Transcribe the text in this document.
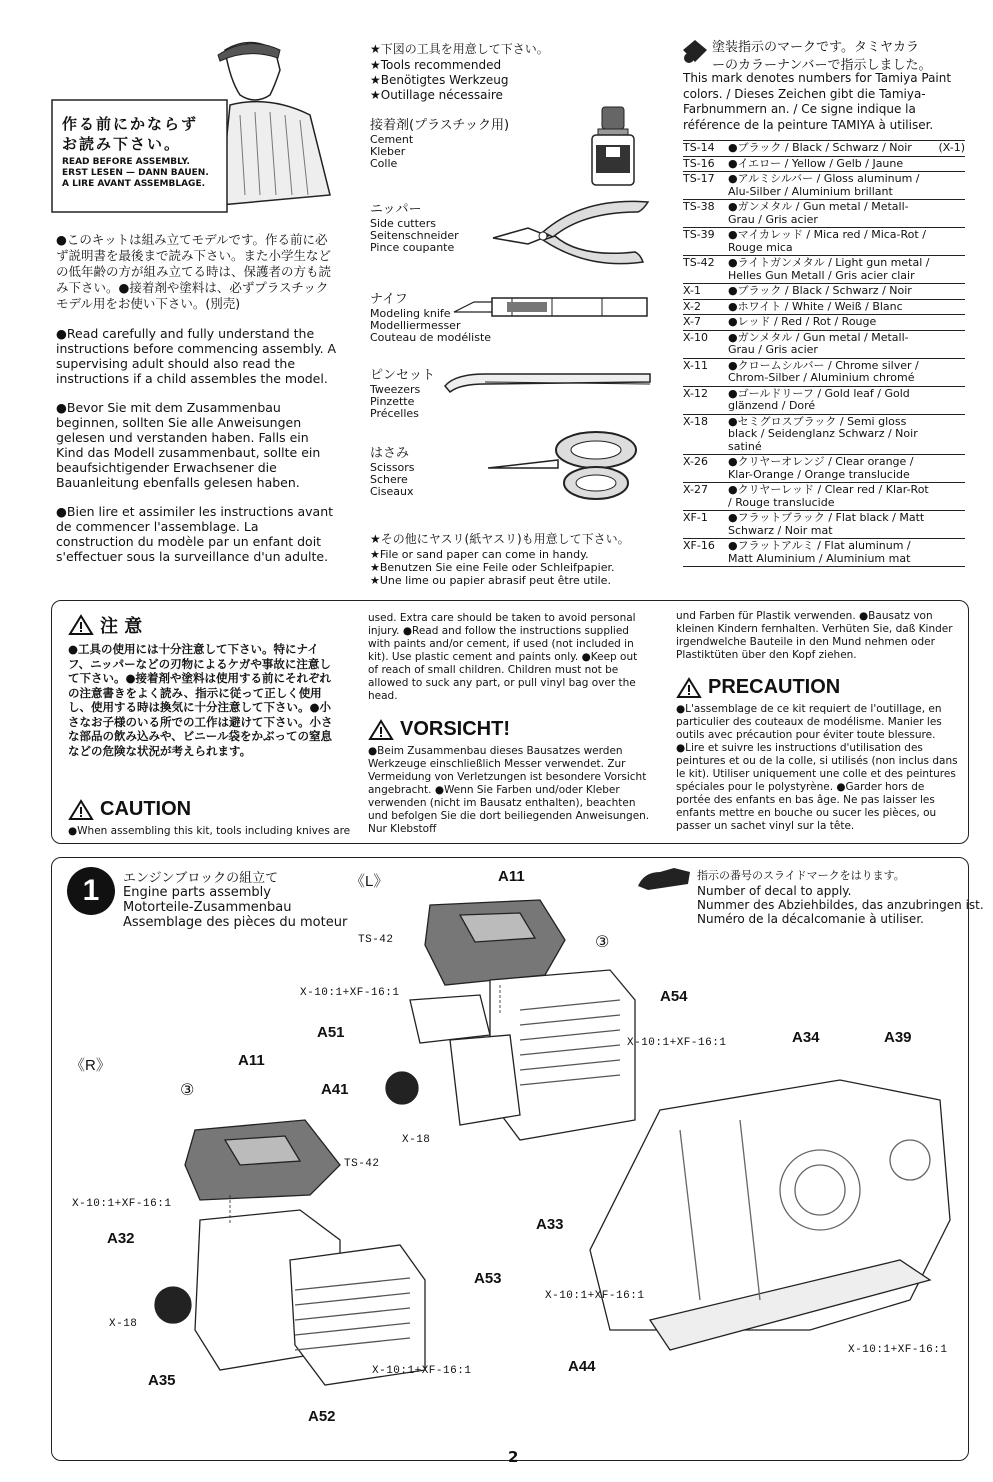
作る前にかならず
お読み下さい。
READ BEFORE ASSEMBLY.
ERST LESEN — DANN BAUEN.
A LIRE AVANT ASSEMBLAGE.

●このキットは組み立てモデルです。作る前に必ず説明書を最後まで読み下さい。また小学生などの低年齢の方が組み立てる時は、保護者の方も読み下さい。●接着剤や塗料は、必ずプラスチックモデル用をお使い下さい。(別売)

●Read carefully and fully understand the instructions before commencing assembly. A supervising adult should also read the instructions if a child assembles the model.

●Bevor Sie mit dem Zusammenbau beginnen, sollten Sie alle Anweisungen gelesen und verstanden haben. Falls ein Kind das Modell zusammenbaut, sollte ein beaufsichtigender Erwachsener die Bauanleitung ebenfalls gelesen haben.

●Bien lire et assimiler les instructions avant de commencer l'assemblage. La construction du modèle par un enfant doit s'effectuer sous la surveillance d'un adulte.

★下図の工具を用意して下さい。
★Tools recommended
★Benötigtes Werkzeug
★Outillage nécessaire
接着剤(プラスチック用)
Cement
Kleber
Colle
ニッパー
Side cutters
Seitenschneider
Pince coupante
ナイフ
Modeling knife
Modelliermesser
Couteau de modéliste
ピンセット
Tweezers
Pinzette
Précelles
はさみ
Scissors
Schere
Ciseaux
★その他にヤスリ(紙ヤスリ)も用意して下さい。
★File or sand paper can come in handy.
★Benutzen Sie eine Feile oder Schleifpapier.
★Une lime ou papier abrasif peut être utile.
塗装指示のマークです。タミヤカラ
ーのカラーナンバーで指示しました。
This mark denotes numbers for Tamiya Paint colors. / Dieses Zeichen gibt die Tamiya-Farbnummern an. / Ce signe indique la référence de la peinture TAMIYA à utiliser.
TS-14	●ブラック / Black / Schwarz / Noir	(X-1)
TS-16	●イエロー / Yellow / Gelb / Jaune
TS-17	●アルミシルバー / Gloss aluminum / Alu-Silber / Aluminium brillant
TS-38	●ガンメタル / Gun metal / Metall-Grau / Gris acier
TS-39	●マイカレッド / Mica red / Mica-Rot / Rouge mica
TS-42	●ライトガンメタル / Light gun metal / Helles Gun Metall / Gris acier clair
X-1	●ブラック / Black / Schwarz / Noir
X-2	●ホワイト / White / Weiß / Blanc
X-7	●レッド / Red / Rot / Rouge
X-10	●ガンメタル / Gun metal / Metall-Grau / Gris acier
X-11	●クロームシルバー / Chrome silver / Chrom-Silber / Aluminium chromé
X-12	●ゴールドリーフ / Gold leaf / Gold glänzend / Doré
X-18	●セミグロスブラック / Semi gloss black / Seidenglanz Schwarz / Noir satiné
X-26	●クリヤーオレンジ / Clear orange / Klar-Orange / Orange translucide
X-27	●クリヤーレッド / Clear red / Klar-Rot / Rouge translucide
XF-1	●フラットブラック / Flat black / Matt Schwarz / Noir mat
XF-16	●フラットアルミ / Flat aluminum / Matt Aluminium / Aluminium mat
注 意
●工具の使用には十分注意して下さい。特にナイフ、ニッパーなどの刃物によるケガや事故に注意して下さい。●接着剤や塗料は使用する前にそれぞれの注意書きをよく読み、指示に従って正しく使用し、使用する時は換気に十分注意して下さい。●小さなお子様のいる所での工作は避けて下さい。小さな部品の飲み込みや、ビニール袋をかぶっての窒息などの危険な状況が考えられます。
CAUTION
●When assembling this kit, tools including knives are
used. Extra care should be taken to avoid personal injury. ●Read and follow the instructions supplied with paints and/or cement, if used (not included in kit). Use plastic cement and paints only. ●Keep out of reach of small children. Children must not be allowed to suck any part, or pull vinyl bag over the head.
VORSICHT!
●Beim Zusammenbau dieses Bausatzes werden Werkzeuge einschließlich Messer verwendet. Zur Vermeidung von Verletzungen ist besondere Vorsicht angebracht. ●Wenn Sie Farben und/oder Kleber verwenden (nicht im Bausatz enthalten), beachten und befolgen Sie die dort beiliegenden Anweisungen. Nur Klebstoff
und Farben für Plastik verwenden. ●Bausatz von kleinen Kindern fernhalten. Verhüten Sie, daß Kinder irgendwelche Bauteile in den Mund nehmen oder Plastiktüten über den Kopf ziehen.
PRECAUTION
●L'assemblage de ce kit requiert de l'outillage, en particulier des couteaux de modélisme. Manier les outils avec précaution pour éviter toute blessure. ●Lire et suivre les instructions d'utilisation des peintures et ou de la colle, si utilisés (non inclus dans le kit). Utiliser uniquement une colle et des peintures spéciales pour le polystyrène. ●Garder hors de portée des enfants en bas âge. Ne pas laisser les enfants mettre en bouche ou sucer les pièces, ou passer un sachet vinyl sur la tête.
1 エンジンブロックの組立て
Engine parts assembly
Motorteile-Zusammenbau
Assemblage des pièces du moteur
指示の番号のスライドマークをはります。
Number of decal to apply.
Nummer des Abziehbildes, das anzubringen ist.
Numéro de la décalcomanie à utiliser.
《L》
《R》
A11
A11
A54
A51
A41
A33
A34	A39
A32
A53
A35
A52
A44
TS-42
TS-42
X-18
X-18
X-10:1+XF-16:1
X-10:1+XF-16:1
X-10:1+XF-16:1
X-10:1+XF-16:1
X-10:1+XF-16:1
X-10:1+XF-16:1
③
③
2
